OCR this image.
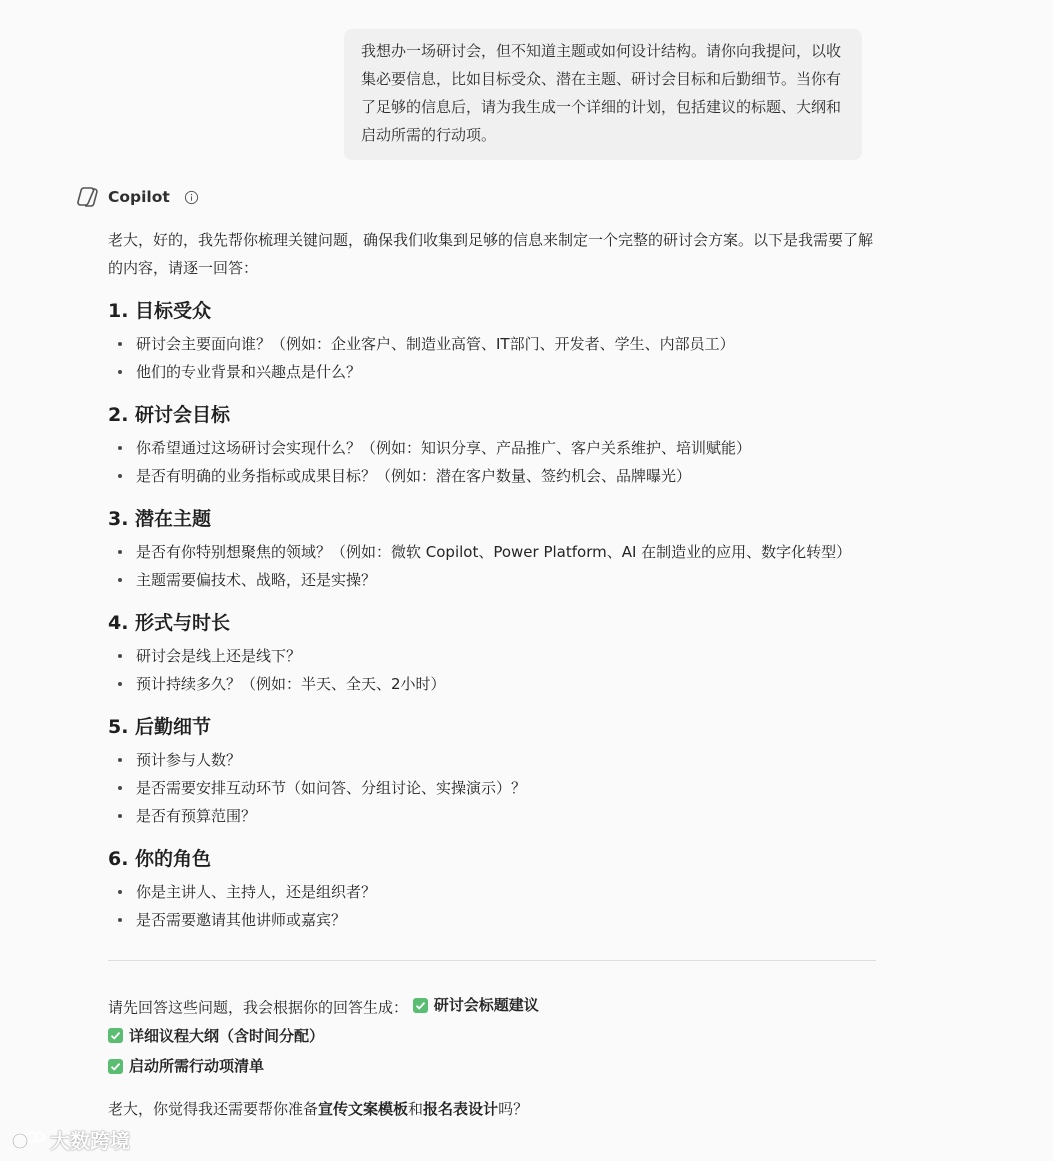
我想办一场研讨会，但不知道主题或如何设计结构。请你向我提问，以收集必要信息，比如目标受众、潜在主题、研讨会目标和后勤细节。当你有了足够的信息后，请为我生成一个详细的计划，包括建议的标题、大纲和启动所需的行动项。
Copilot

老大，好的，我先帮你梳理关键问题，确保我们收集到足够的信息来制定一个完整的研讨会方案。以下是我需要了解的内容，请逐一回答：

1. 目标受众
研讨会主要面向谁？（例如：企业客户、制造业高管、IT部门、开发者、学生、内部员工）
他们的专业背景和兴趣点是什么？
2. 研讨会目标
你希望通过这场研讨会实现什么？（例如：知识分享、产品推广、客户关系维护、培训赋能）
是否有明确的业务指标或成果目标？（例如：潜在客户数量、签约机会、品牌曝光）
3. 潜在主题
是否有你特别想聚焦的领域？（例如：微软 Copilot、Power Platform、AI 在制造业的应用、数字化转型）
主题需要偏技术、战略，还是实操？
4. 形式与时长
研讨会是线上还是线下？
预计持续多久？（例如：半天、全天、2小时）
5. 后勤细节
预计参与人数？
是否需要安排互动环节（如问答、分组讨论、实操演示）？
是否有预算范围？
6. 你的角色
你是主讲人、主持人，还是组织者？
是否需要邀请其他讲师或嘉宾？
请先回答这些问题，我会根据你的回答生成： 研讨会标题建议

详细议程大纲（含时间分配）

启动所需行动项清单

老大，你觉得我还需要帮你准备宣传文案模板和报名表设计吗？

大数跨境
